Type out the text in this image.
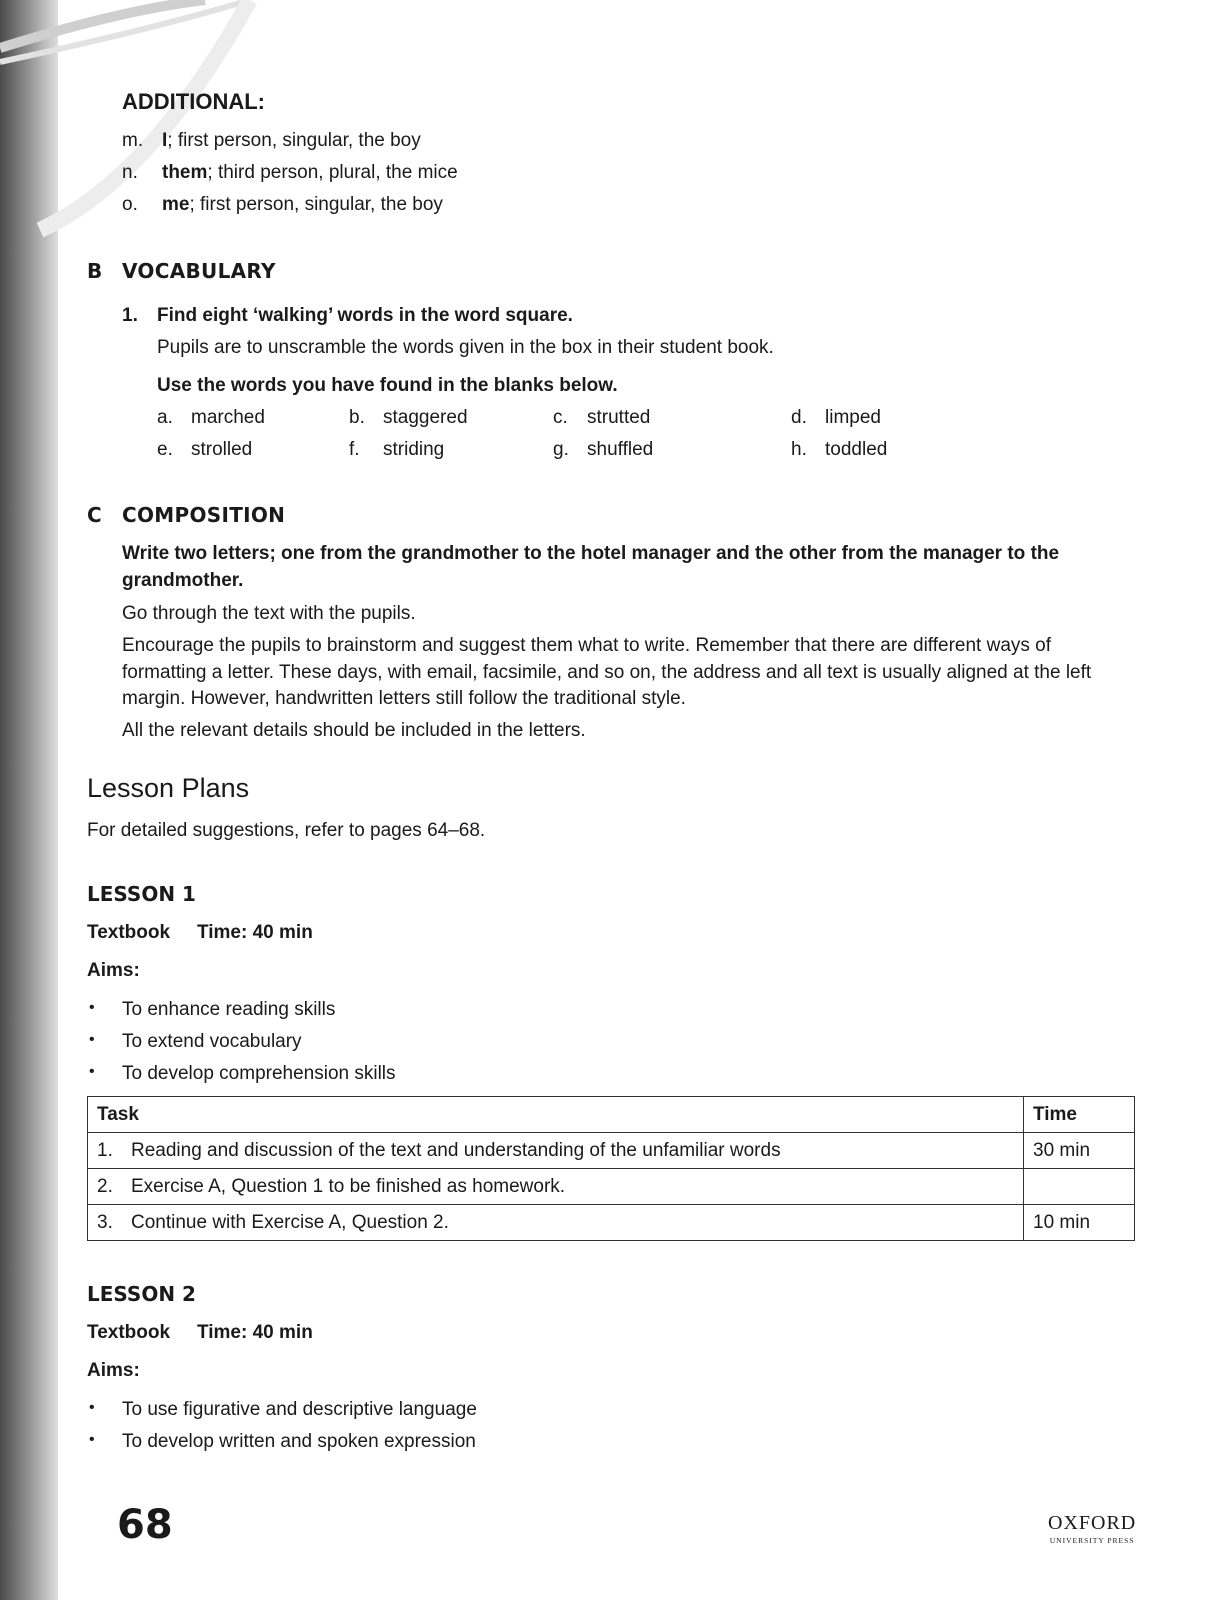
ADDITIONAL:
m. I; first person, singular, the boy
n. them; third person, plural, the mice
o. me; first person, singular, the boy
B VOCABULARY
1. Find eight ‘walking’ words in the word square.
Pupils are to unscramble the words given in the box in their student book.
Use the words you have found in the blanks below.
a. marched	b. staggered	c. strutted	d. limped
e. strolled	f. striding	g. shuffled	h. toddled
C COMPOSITION
Write two letters; one from the grandmother to the hotel manager and the other from the manager to the grandmother.
Go through the text with the pupils.
Encourage the pupils to brainstorm and suggest them what to write. Remember that there are different ways of formatting a letter. These days, with email, facsimile, and so on, the address and all text is usually aligned at the left margin. However, handwritten letters still follow the traditional style.
All the relevant details should be included in the letters.
Lesson Plans
For detailed suggestions, refer to pages 64–68.
LESSON 1
Textbook Time: 40 min
Aims:
• To enhance reading skills
• To extend vocabulary
• To develop comprehension skills
Task	Time
1. Reading and discussion of the text and understanding of the unfamiliar words	30 min
2. Exercise A, Question 1 to be finished as homework.	
3. Continue with Exercise A, Question 2.	10 min
LESSON 2
Textbook Time: 40 min
Aims:
• To use figurative and descriptive language
• To develop written and spoken expression
68	OXFORD
UNIVERSITY PRESS
